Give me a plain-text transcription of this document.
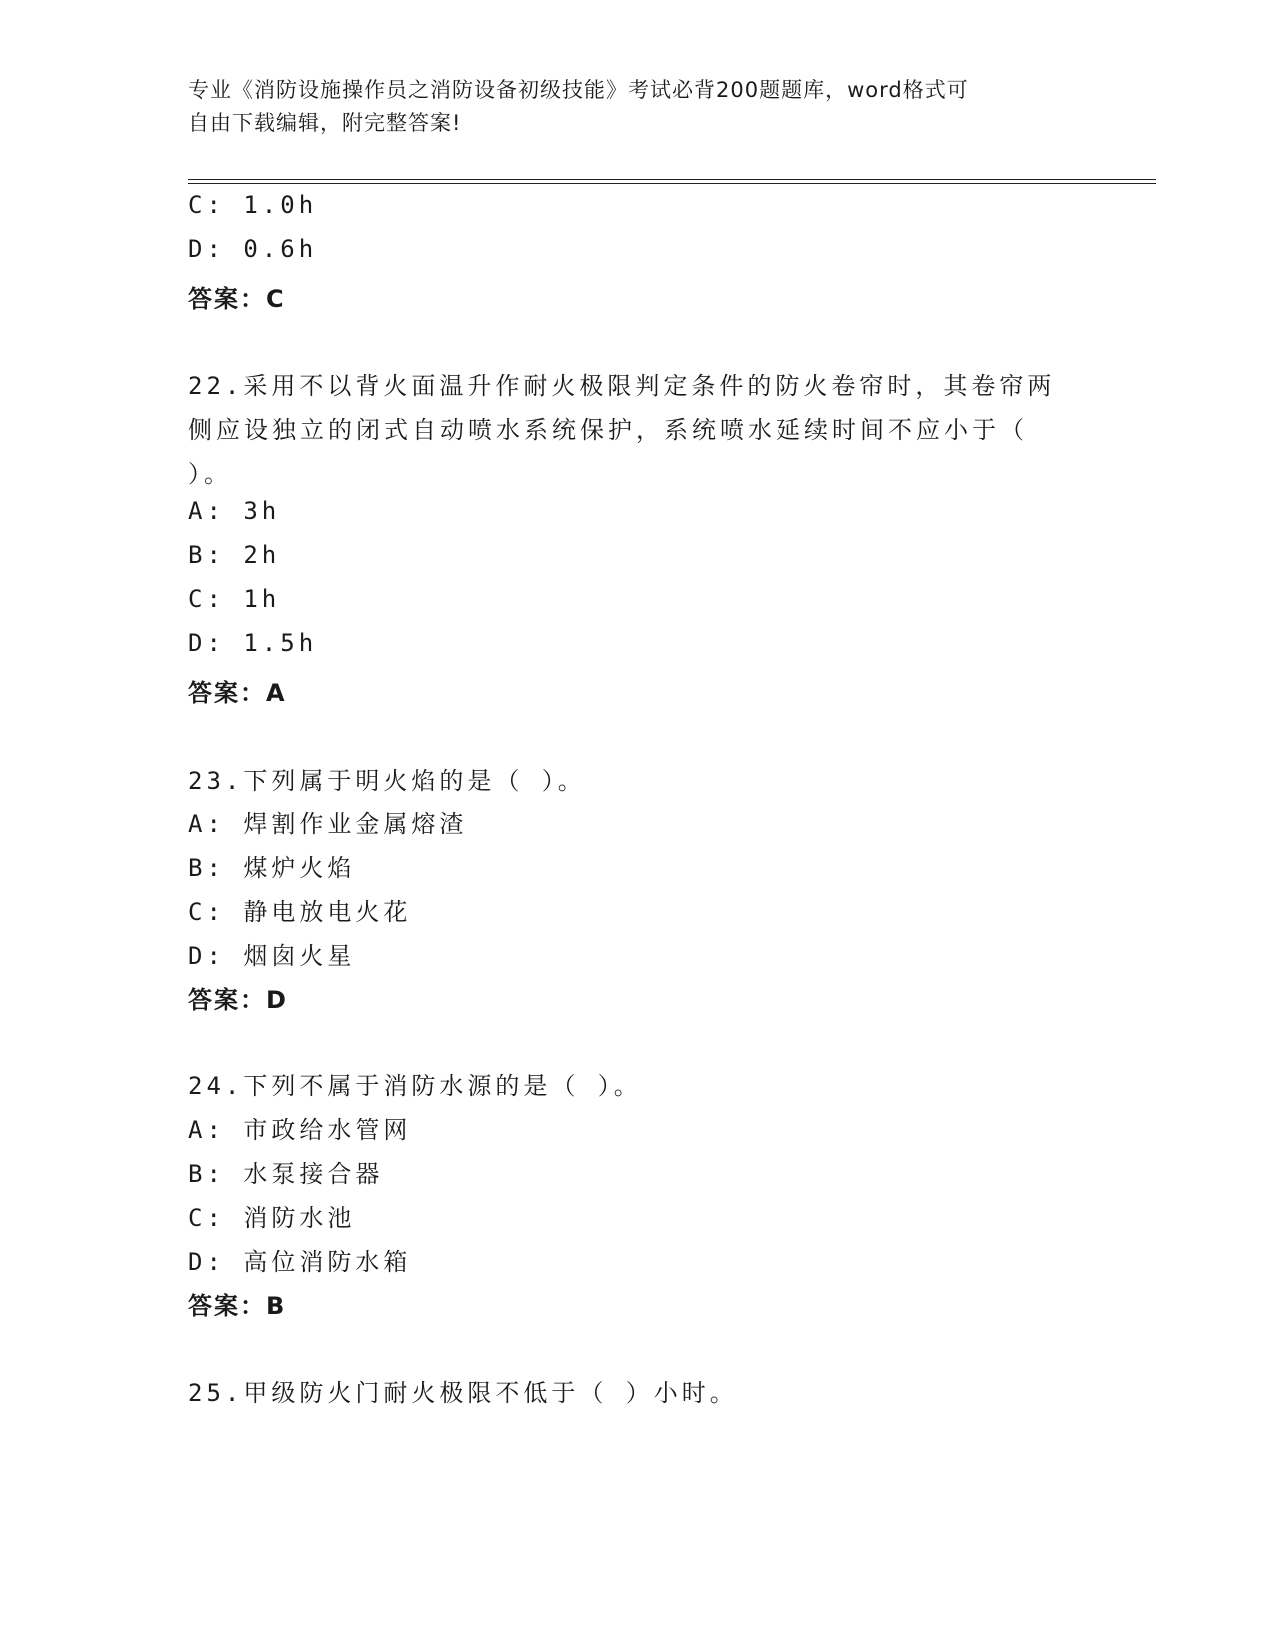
专业《消防设施操作员之消防设备初级技能》考试必背200题题库，word格式可
自由下载编辑，附完整答案!
C: 1.0h
D: 0.6h
答案：C
22.采用不以背火面温升作耐火极限判定条件的防火卷帘时，其卷帘两
侧应设独立的闭式自动喷水系统保护，系统喷水延续时间不应小于（
）。
A: 3h
B: 2h
C: 1h
D: 1.5h
答案：A
23.下列属于明火焰的是（ ）。
A: 焊割作业金属熔渣
B: 煤炉火焰
C: 静电放电火花
D: 烟囱火星
答案：D
24.下列不属于消防水源的是（ ）。
A: 市政给水管网
B: 水泵接合器
C: 消防水池
D: 高位消防水箱
答案：B
25.甲级防火门耐火极限不低于（ ）小时。
